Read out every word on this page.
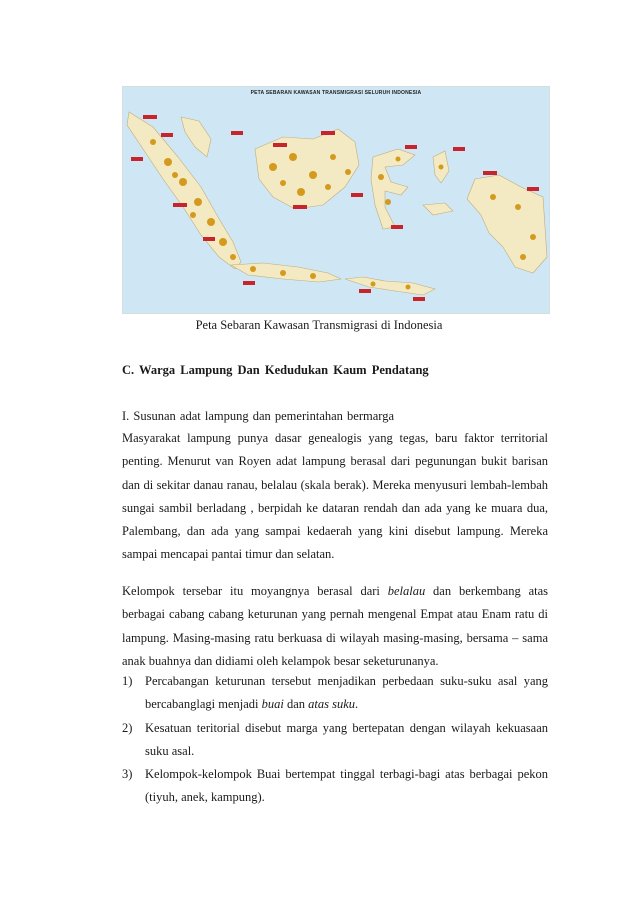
PETA SEBARAN KAWASAN TRANSMIGRASI SELURUH INDONESIA
Peta Sebaran Kawasan Transmigrasi di Indonesia
C. Warga Lampung Dan Kedudukan Kaum Pendatang
I. Susunan adat lampung dan pemerintahan bermarga

Masyarakat lampung punya dasar genealogis yang tegas, baru faktor territorial penting. Menurut van Royen adat lampung berasal dari pegunungan bukit barisan dan di sekitar danau ranau, belalau (skala berak). Mereka menyusuri lembah-lembah sungai sambil berladang , berpidah ke dataran rendah dan ada yang ke muara dua, Palembang, dan ada yang sampai kedaerah yang kini disebut lampung. Mereka sampai mencapai pantai timur dan selatan.

Kelompok tersebar itu moyangnya berasal dari belalau dan berkembang atas berbagai cabang cabang keturunan yang pernah mengenal Empat atau Enam ratu di lampung. Masing-masing ratu berkuasa di wilayah masing-masing, bersama – sama anak buahnya dan didiami oleh kelampok besar seketurunanya.

1) Percabangan keturunan tersebut menjadikan perbedaan suku-suku asal yang bercabanglagi menjadi buai dan atas suku.
2) Kesatuan teritorial disebut marga yang bertepatan dengan wilayah kekuasaan suku asal.
3) Kelompok-kelompok Buai bertempat tinggal terbagi-bagi atas berbagai pekon (tiyuh, anek, kampung).
